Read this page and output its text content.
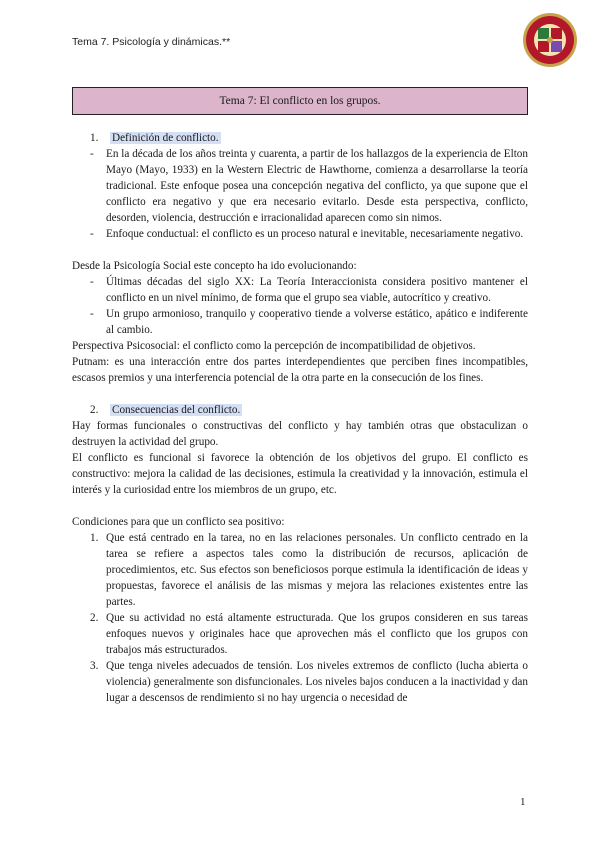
Tema 7. Psicología y dinámicas.**
Tema 7: El conflicto en los grupos.

1. Definición de conflicto.

- En la década de los años treinta y cuarenta, a partir de los hallazgos de la experiencia de Elton Mayo (Mayo, 1933) en la Western Electric de Hawthorne, comienza a desarrollarse la teoría tradicional. Este enfoque posea una concepción negativa del conflicto, ya que supone que el conflicto era negativo y que era necesario evitarlo. Desde esta perspectiva, conflicto, desorden, violencia, destrucción e irracionalidad aparecen como sin nimos.
- Enfoque conductual: el conflicto es un proceso natural e inevitable, necesariamente negativo.

Desde la Psicología Social este concepto ha ido evolucionando:

- Últimas décadas del siglo XX: La Teoría Interaccionista considera positivo mantener el conflicto en un nivel mínimo, de forma que el grupo sea viable, autocrítico y creativo.
- Un grupo armonioso, tranquilo y cooperativo tiende a volverse estático, apático e indiferente al cambio.

Perspectiva Psicosocial: el conflicto como la percepción de incompatibilidad de objetivos.

Putnam: es una interacción entre dos partes interdependientes que perciben fines incompatibles, escasos premios y una interferencia potencial de la otra parte en la consecución de los fines.

2. Consecuencias del conflicto.

Hay formas funcionales o constructivas del conflicto y hay también otras que obstaculizan o destruyen la actividad del grupo.

El conflicto es funcional si favorece la obtención de los objetivos del grupo. El conflicto es constructivo: mejora la calidad de las decisiones, estimula la creatividad y la innovación, estimula el interés y la curiosidad entre los miembros de un grupo, etc.

Condiciones para que un conflicto sea positivo:

1. Que está centrado en la tarea, no en las relaciones personales. Un conflicto centrado en la tarea se refiere a aspectos tales como la distribución de recursos, aplicación de procedimientos, etc. Sus efectos son beneficiosos porque estimula la identificación de ideas y propuestas, favorece el análisis de las mismas y mejora las relaciones existentes entre las partes.
2. Que su actividad no está altamente estructurada. Que los grupos consideren en sus tareas enfoques nuevos y originales hace que aprovechen más el conflicto que los grupos con trabajos más estructurados.
3. Que tenga niveles adecuados de tensión. Los niveles extremos de conflicto (lucha abierta o violencia) generalmente son disfuncionales. Los niveles bajos conducen a la inactividad y dan lugar a descensos de rendimiento si no hay urgencia o necesidad de
1
